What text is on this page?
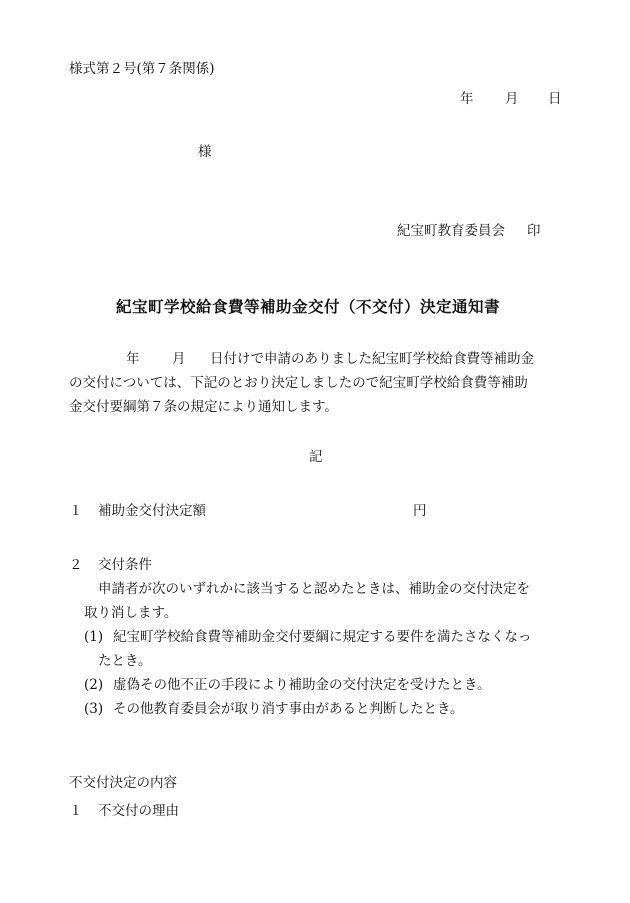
様式第２号(第７条関係)
年 月 日
様
紀宝町教育委員会 印
紀宝町学校給食費等補助金交付（不交付）決定通知書
年 月 日付けで申請のありました紀宝町学校給食費等補助金
の交付については、下記のとおり決定しましたので紀宝町学校給食費等補助
金交付要綱第７条の規定により通知します。
記
１ 補助金交付決定額	円
２ 交付条件
申請者が次のいずれかに該当すると認めたときは、補助金の交付決定を
取り消します。
(1) 紀宝町学校給食費等補助金交付要綱に規定する要件を満たさなくなっ
たとき。
(2) 虚偽その他不正の手段により補助金の交付決定を受けたとき。
(3) その他教育委員会が取り消す事由があると判断したとき。
不交付決定の内容
１ 不交付の理由
